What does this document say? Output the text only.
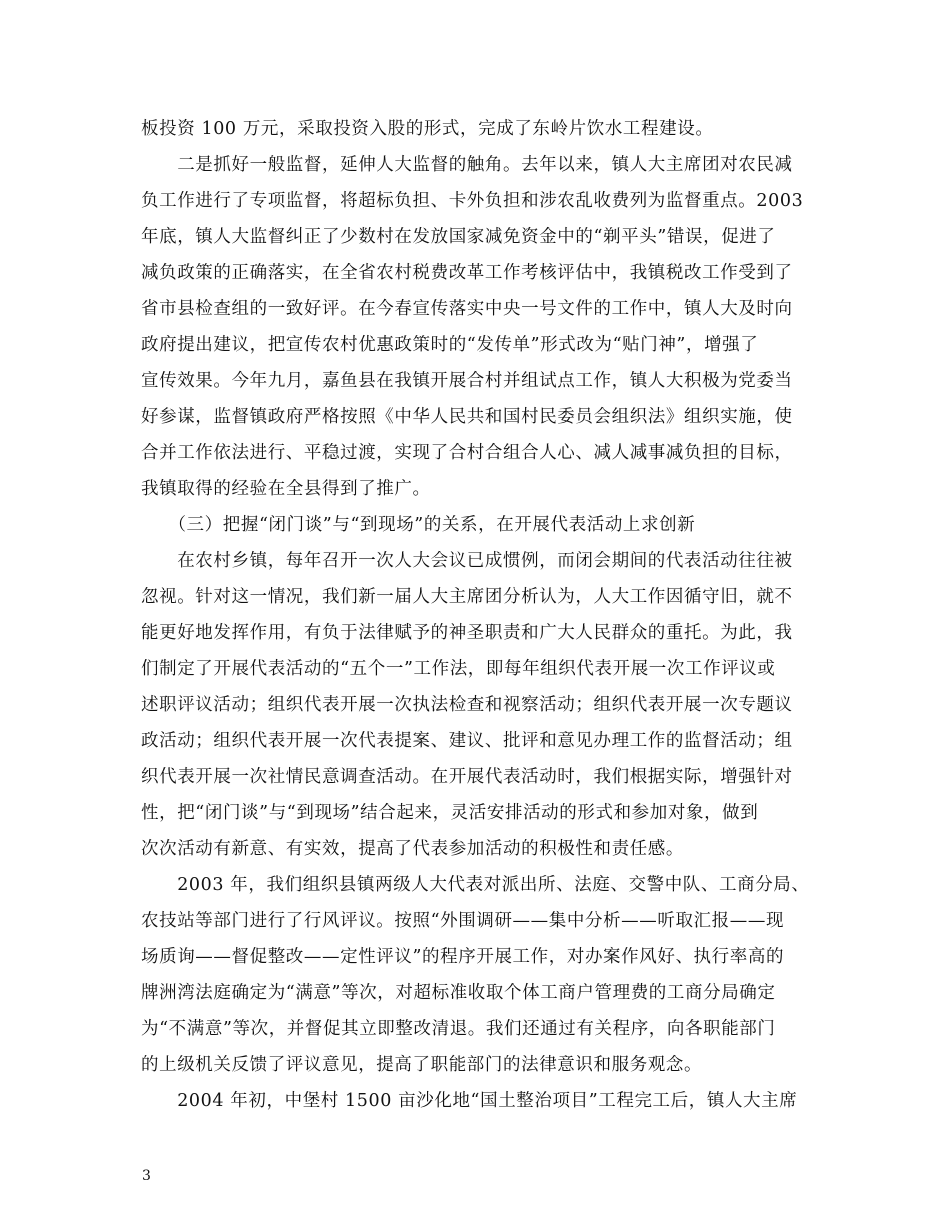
板投资 100 万元，采取投资入股的形式，完成了东岭片饮水工程建设。
　　二是抓好一般监督，延伸人大监督的触角。去年以来，镇人大主席团对农民减
负工作进行了专项监督，将超标负担、卡外负担和涉农乱收费列为监督重点。2003
年底，镇人大监督纠正了少数村在发放国家减免资金中的“剃平头”错误，促进了
减负政策的正确落实，在全省农村税费改革工作考核评估中，我镇税改工作受到了
省市县检查组的一致好评。在今春宣传落实中央一号文件的工作中，镇人大及时向
政府提出建议，把宣传农村优惠政策时的“发传单”形式改为“贴门神”，增强了
宣传效果。今年九月，嘉鱼县在我镇开展合村并组试点工作，镇人大积极为党委当
好参谋，监督镇政府严格按照《中华人民共和国村民委员会组织法》组织实施，使
合并工作依法进行、平稳过渡，实现了合村合组合人心、减人减事减负担的目标，
我镇取得的经验在全县得到了推广。
　　（三）把握“闭门谈”与“到现场”的关系，在开展代表活动上求创新
　　在农村乡镇，每年召开一次人大会议已成惯例，而闭会期间的代表活动往往被
忽视。针对这一情况，我们新一届人大主席团分析认为，人大工作因循守旧，就不
能更好地发挥作用，有负于法律赋予的神圣职责和广大人民群众的重托。为此，我
们制定了开展代表活动的“五个一”工作法，即每年组织代表开展一次工作评议或
述职评议活动；组织代表开展一次执法检查和视察活动；组织代表开展一次专题议
政活动；组织代表开展一次代表提案、建议、批评和意见办理工作的监督活动；组
织代表开展一次社情民意调查活动。在开展代表活动时，我们根据实际，增强针对
性，把“闭门谈”与“到现场”结合起来，灵活安排活动的形式和参加对象，做到
次次活动有新意、有实效，提高了代表参加活动的积极性和责任感。
　　2003 年，我们组织县镇两级人大代表对派出所、法庭、交警中队、工商分局、
农技站等部门进行了行风评议。按照“外围调研——集中分析——听取汇报——现
场质询——督促整改——定性评议”的程序开展工作，对办案作风好、执行率高的
牌洲湾法庭确定为“满意”等次，对超标准收取个体工商户管理费的工商分局确定
为“不满意”等次，并督促其立即整改清退。我们还通过有关程序，向各职能部门
的上级机关反馈了评议意见，提高了职能部门的法律意识和服务观念。
　　2004 年初，中堡村 1500 亩沙化地“国土整治项目”工程完工后，镇人大主席
3
